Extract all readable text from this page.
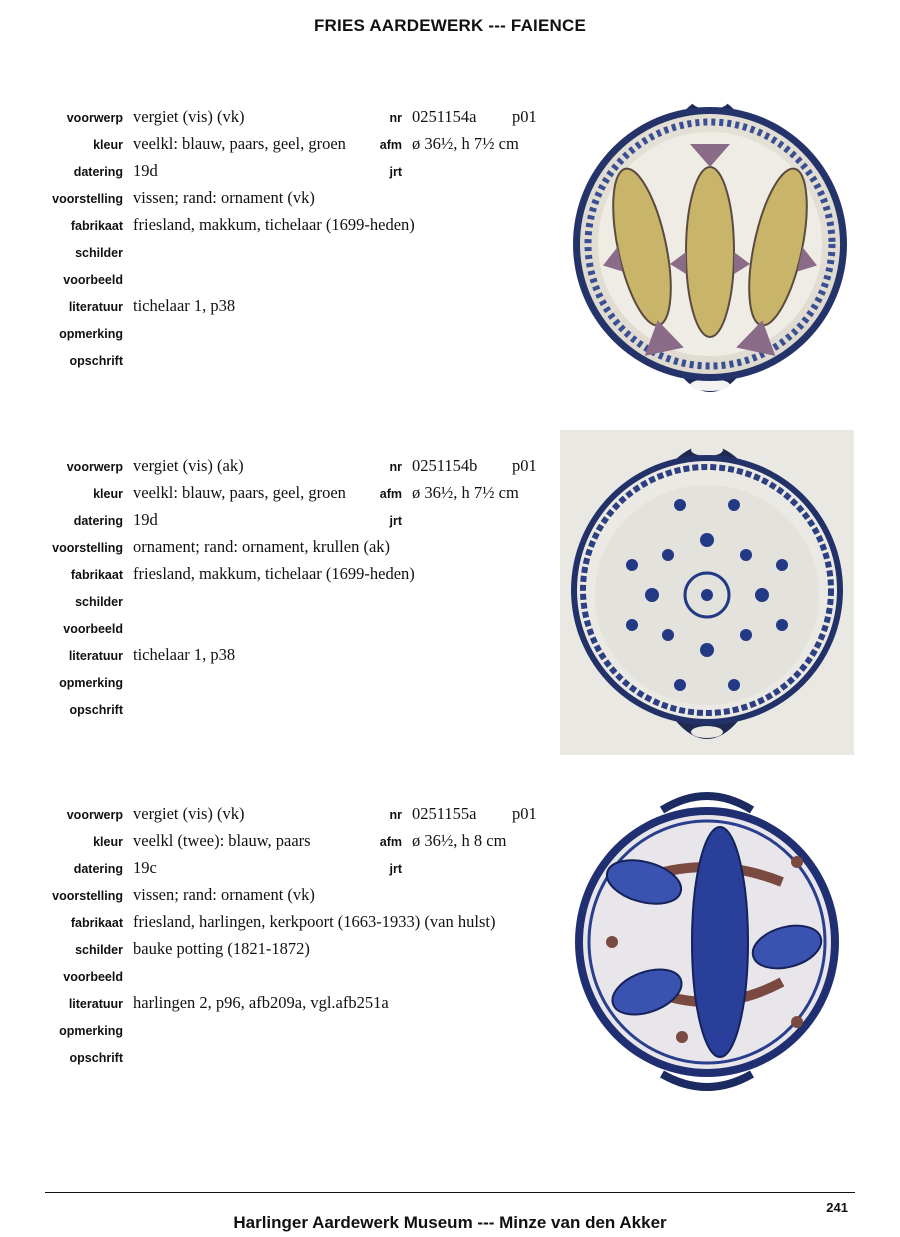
FRIES AARDEWERK --- FAIENCE
voorwerp vergiet (vis) (vk)	nr 0251154a p01
kleur veelkl: blauw, paars, geel, groen	afm ø 36½, h 7½ cm
datering 19d	jrt
voorstelling vissen; rand: ornament (vk)
fabrikaat friesland, makkum, tichelaar (1699-heden)
schilder
voorbeeld
literatuur tichelaar 1, p38
opmerking
opschrift
voorwerp vergiet (vis) (ak)	nr 0251154b p01
kleur veelkl: blauw, paars, geel, groen	afm ø 36½, h 7½ cm
datering 19d	jrt
voorstelling ornament; rand: ornament, krullen (ak)
fabrikaat friesland, makkum, tichelaar (1699-heden)
schilder
voorbeeld
literatuur tichelaar 1, p38
opmerking
opschrift
voorwerp vergiet (vis) (vk)	nr 0251155a p01
kleur veelkl (twee): blauw, paars	afm ø 36½, h 8 cm
datering 19c	jrt
voorstelling vissen; rand: ornament (vk)
fabrikaat friesland, harlingen, kerkpoort (1663-1933) (van hulst)
schilder bauke potting (1821-1872)
voorbeeld
literatuur harlingen 2, p96, afb209a, vgl.afb251a
opmerking
opschrift
241
Harlinger Aardewerk Museum --- Minze van den Akker
